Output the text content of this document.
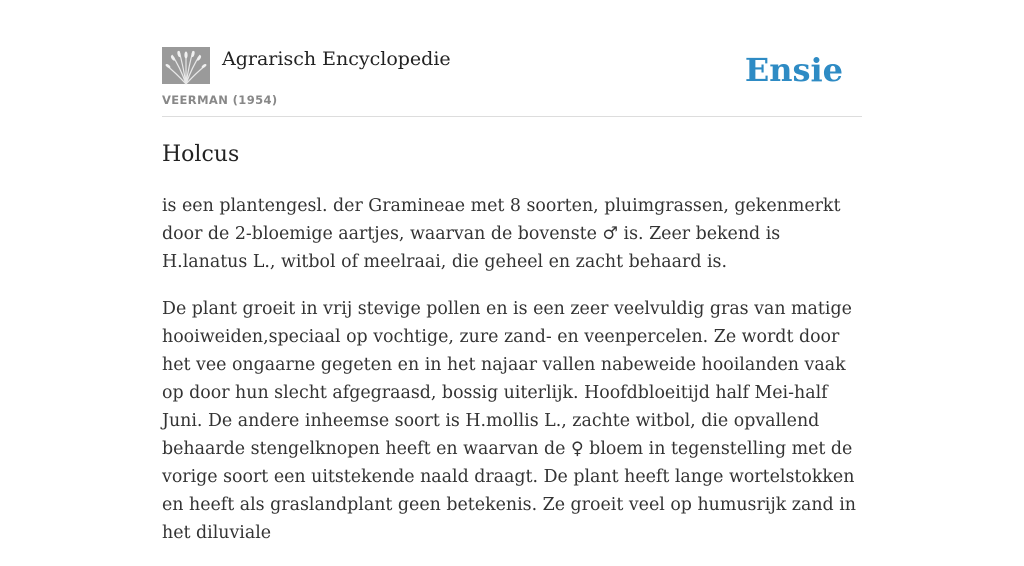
Agrarisch Encyclopedie
VEERMAN (1954)
Ensie
Holcus

is een plantengesl. der Gramineae met 8 soorten, pluimgrassen, gekenmerkt door de 2-bloemige aartjes, waarvan de bovenste ♂ is. Zeer bekend is H.lanatus L., witbol of meelraai, die geheel en zacht behaard is.

De plant groeit in vrij stevige pollen en is een zeer veelvuldig gras van matige hooiweiden,speciaal op vochtige, zure zand- en veenpercelen. Ze wordt door het vee ongaarne gegeten en in het najaar vallen nabeweide hooilanden vaak op door hun slecht afgegraasd, bossig uiterlijk. Hoofdbloeitijd half Mei-half Juni. De andere inheemse soort is H.mollis L., zachte witbol, die opvallend behaarde stengelknopen heeft en waarvan de ♀ bloem in tegenstelling met de vorige soort een uitstekende naald draagt. De plant heeft lange wortelstokken en heeft als graslandplant geen betekenis. Ze groeit veel op humusrijk zand in het diluviale
